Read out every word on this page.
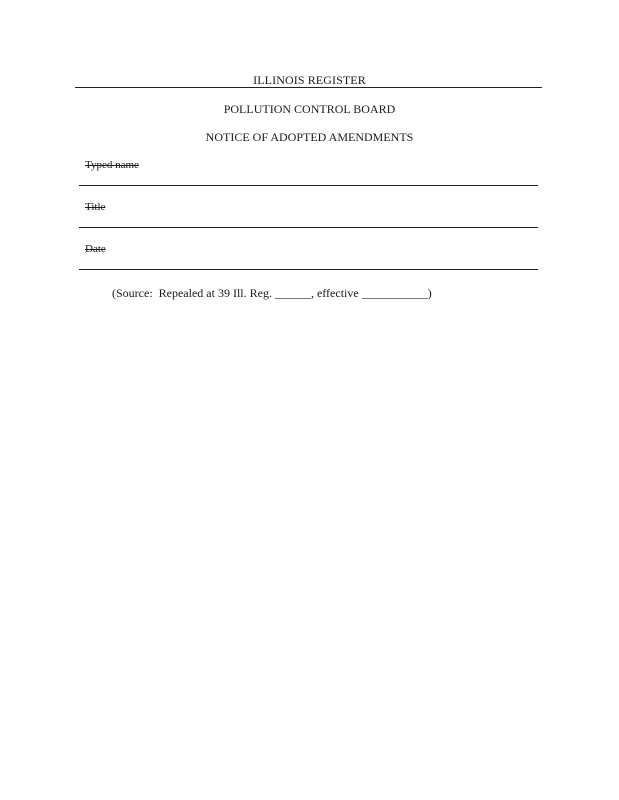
ILLINOIS REGISTER
POLLUTION CONTROL BOARD
NOTICE OF ADOPTED AMENDMENTS
Typed name
Title
Date
(Source:  Repealed at 39 Ill. Reg. ______, effective ___________)
